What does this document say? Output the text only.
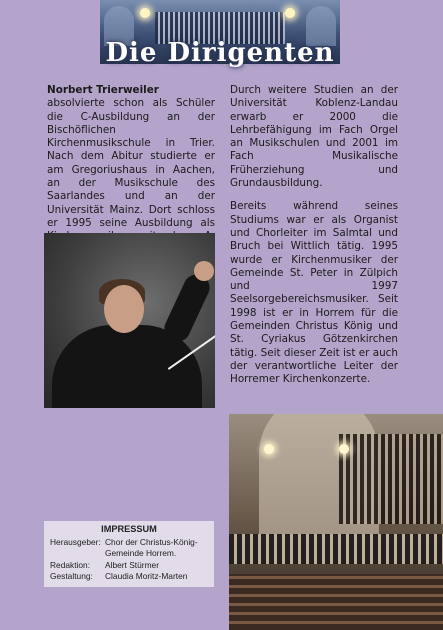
Die Dirigenten

Norbert Trierweiler
absolvierte schon als Schüler die C-Ausbildung an der Bischöflichen Kirchenmusikschule in Trier. Nach dem Abitur studierte er am Gregoriushaus in Aachen, an der Musikschule des Saarlandes und an der Universität Mainz. Dort schloss er 1995 seine Ausbildung als

Durch weitere Studien an der Universität Koblenz-Landau erwarb er 2000 die Lehrbefähigung im Fach Orgel an Musikschulen und 2001 im Fach Musikalische Früherziehung und Grundausbildung.

Bereits während seines Studiums war er als Organist und Chorleiter im Salmtal und Bruch bei Wittlich tätig. 1995 wurde er Kirchenmusiker der Gemeinde St. Peter in Zülpich und 1997 Seelsorgebereichsmusiker. Seit 1998 ist er in Horrem für die Gemeinden Christus König und St. Cyriakus Götzenkirchen tätig. Seit dieser Zeit ist er auch der verantwortliche Leiter der Horremer Kirchenkonzerte.

IMPRESSUM
Herausgeber: Chor der Christus-König-
Gemeinde Horrem.
Redaktion:	Albert Stürmer
Gestaltung:	Claudia Moritz-Marten
